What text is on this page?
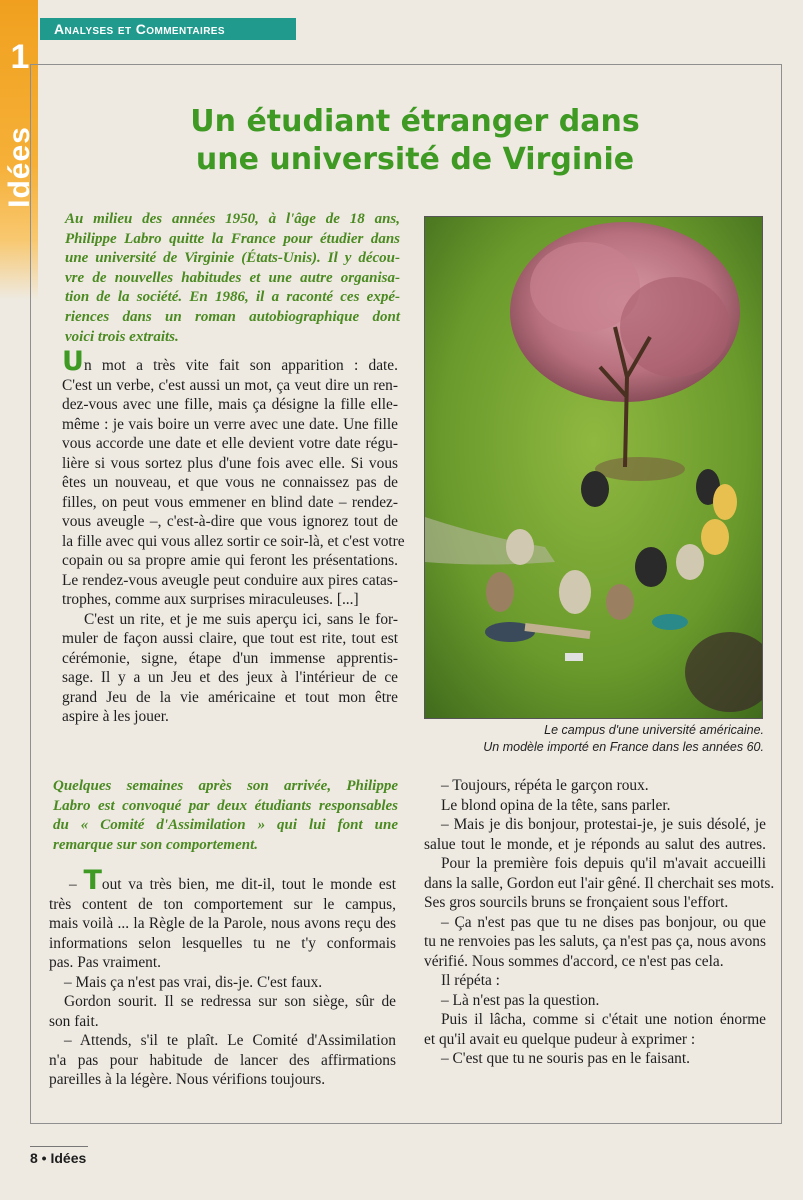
1
Idées
Analyses et Commentaires
Un étudiant étranger dans
une université de Virginie
Au milieu des années 1950, à l'âge de 18 ans,
Philippe Labro quitte la France pour étudier dans
une université de Virginie (États-Unis). Il y décou-
vre de nouvelles habitudes et une autre organisa-
tion de la société. En 1986, il a raconté ces expé-
riences dans un roman autobiographique dont
voici trois extraits.
Un mot a très vite fait son apparition : date.
C'est un verbe, c'est aussi un mot, ça veut dire un ren-
dez-vous avec une fille, mais ça désigne la fille elle-
même : je vais boire un verre avec une date. Une fille
vous accorde une date et elle devient votre date régu-
lière si vous sortez plus d'une fois avec elle. Si vous
êtes un nouveau, et que vous ne connaissez pas de
filles, on peut vous emmener en blind date – rendez-
vous aveugle –, c'est-à-dire que vous ignorez tout de
la fille avec qui vous allez sortir ce soir-là, et c'est votre
copain ou sa propre amie qui feront les présentations.
Le rendez-vous aveugle peut conduire aux pires catas-
trophes, comme aux surprises miraculeuses. [...]
C'est un rite, et je me suis aperçu ici, sans le for-
muler de façon aussi claire, que tout est rite, tout est
cérémonie, signe, étape d'un immense apprentis-
sage. Il y a un Jeu et des jeux à l'intérieur de ce
grand Jeu de la vie américaine et tout mon être
aspire à les jouer.
Le campus d'une université américaine.
Un modèle importé en France dans les années 60.
Quelques semaines après son arrivée, Philippe
Labro est convoqué par deux étudiants responsables
du « Comité d'Assimilation » qui lui font une
remarque sur son comportement.
– Tout va très bien, me dit-il, tout le monde est
très content de ton comportement sur le campus,
mais voilà ... la Règle de la Parole, nous avons reçu des
informations selon lesquelles tu ne t'y conformais
pas. Pas vraiment.
– Mais ça n'est pas vrai, dis-je. C'est faux.
Gordon sourit. Il se redressa sur son siège, sûr de
son fait.
– Attends, s'il te plaît. Le Comité d'Assimilation
n'a pas pour habitude de lancer des affirmations
pareilles à la légère. Nous vérifions toujours.
– Toujours, répéta le garçon roux.
Le blond opina de la tête, sans parler.
– Mais je dis bonjour, protestai-je, je suis désolé, je
salue tout le monde, et je réponds au salut des autres.
Pour la première fois depuis qu'il m'avait accueilli
dans la salle, Gordon eut l'air gêné. Il cherchait ses mots.
Ses gros sourcils bruns se fronçaient sous l'effort.
– Ça n'est pas que tu ne dises pas bonjour, ou que
tu ne renvoies pas les saluts, ça n'est pas ça, nous avons
vérifié. Nous sommes d'accord, ce n'est pas cela.
Il répéta :
– Là n'est pas la question.
Puis il lâcha, comme si c'était une notion énorme
et qu'il avait eu quelque pudeur à exprimer :
– C'est que tu ne souris pas en le faisant.
8 • Idées
